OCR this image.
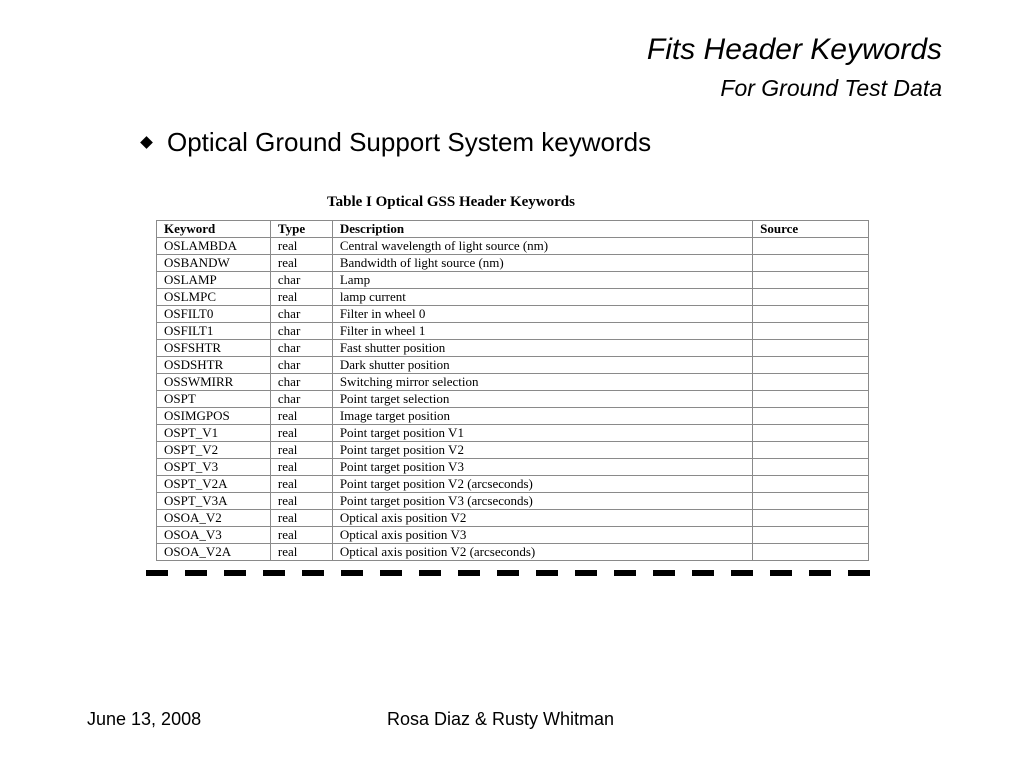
Fits Header Keywords
For Ground Test Data
Optical Ground Support System keywords
Table I Optical GSS Header Keywords
Keyword	Type	Description	Source
OSLAMBDA	real	Central wavelength of light source (nm)	
OSBANDW	real	Bandwidth of light source (nm)	
OSLAMP	char	Lamp	
OSLMPC	real	lamp current	
OSFILT0	char	Filter in wheel 0	
OSFILT1	char	Filter in wheel 1	
OSFSHTR	char	Fast shutter position	
OSDSHTR	char	Dark shutter position	
OSSWMIRR	char	Switching mirror selection	
OSPT	char	Point target selection	
OSIMGPOS	real	Image target position	
OSPT_V1	real	Point target position V1	
OSPT_V2	real	Point target position V2	
OSPT_V3	real	Point target position V3	
OSPT_V2A	real	Point target position V2 (arcseconds)	
OSPT_V3A	real	Point target position V3 (arcseconds)	
OSOA_V2	real	Optical axis position V2	
OSOA_V3	real	Optical axis position V3	
OSOA_V2A	real	Optical axis position V2 (arcseconds)	
June 13, 2008	Rosa Diaz & Rusty Whitman
